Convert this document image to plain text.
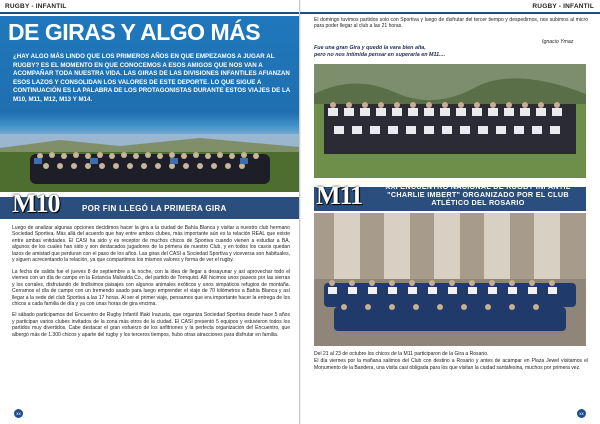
RUGBY - INFANTIL
DE GIRAS Y ALGO MÁS

¿HAY ALGO MÁS LINDO QUE LOS PRIMEROS AÑOS EN QUE EMPEZAMOS A JUGAR AL RUGBY? ES EL MOMENTO EN QUE CONOCEMOS A ESOS AMIGOS QUE NOS VAN A ACOMPAÑAR TODA NUESTRA VIDA. LAS GIRAS DE LAS DIVISIONES INFANTILES AFIANZAN ESOS LAZOS Y CONSOLIDAN LOS VALORES DE ESTE DEPORTE. LO QUE SIGUE A CONTINUACIÓN ES LA PALABRA DE LOS PROTAGONISTAS DURANTE ESTOS VIAJES DE LA M10, M11, M12, M13 Y M14.

M10	POR FIN LLEGÓ LA PRIMERA GIRA

Luego de analizar algunas opciones decidimos hacer la gira a la ciudad de Bahía Blanca y visitar a nuestro club hermano Sociedad Sportiva. Más allá del acuerdo que hay entre ambos clubes, más importante aún es la relación REAL que existe entre ambas entidades. El CASI ha sido y es receptor de muchos chicos de Sportiva cuando vienen a estudiar a BA, algunos de los cuales han sido y son destacados jugadores de la primera de nuestro Club, y en todos los casos quedan lazos de amistad que perduran con el paso de los años. Las giras del CASI a Sociedad Sportiva y viceversa son habituales, y siguen acrecentando la relación, ya que compartimos los mismos valores y forma de ver el rugby.

La fecha de salida fue el jueves 8 de septiembre a la noche, con la idea de llegar a desayunar y así aprovechar todo el viernes con un día de campo en la Estancia Malvalda Co., del partido de Tornquist. Allí hicimos unos paseos por las sierras y los corrales, disfrutando de lindísimos paisajes con algunos animales exóticos y unos simpáticos refugios de montaña. Cerramos el día de campo con un tremendo asado para luego emprender el viaje de 70 kilómetros a Bahía Blanca y así llegar a la sede del club Sportiva a las 17 horas. Al ser el primer viaje, pensamos que era importante hacer la entrega de los chicos a cada familia de día y ya con unas horas de gira encima.

El sábado participamos del Encuentro de Rugby Infantil Iñaki Irazusta, que organiza Sociedad Sportiva desde hace 5 años y participan varios clubes invitados de la zona más otros de la ciudad. El CASI presentó 5 equipos y estuvieron todos los partidos muy divertidos. Cabe destacar el gran esfuerzo de los anfitriones y la perfecta organización del Encuentro, que albergó más de 1.300 chicos y aparte del rugby y los terceros tiempos, hubo otras atracciones para disfrutar en familia.

xx
RUGBY - INFANTIL

El domingo tuvimos partidos solo con Sportiva y luego de disfrutar del tercer tiempo y despedirnos, nos subimos al micro para poder llegar al club a las 21 horas.

Ignacio Ymaz
Fue una gran Gira y quedó la vara bien alta,
pero no nos intimida pensar en superarla en M11....
M11	XXI ENCUENTRO NACIONAL DE RUGBY INFANTIL "CHARLIE IMBERT" ORGANIZADO POR EL CLUB ATLÉTICO DEL ROSARIO

Del 21 al 23 de octubre los chicos de la M11 participaron de la Gira a Rosario.

El día viernes por la mañana salimos del Club con destino a Rosario y antes de acampar en Plaza Jewel visitamos el Monumento de la Bandera, una visita casi obligada para los que visitan la ciudad santafesina, muchos por primera vez.

xx
